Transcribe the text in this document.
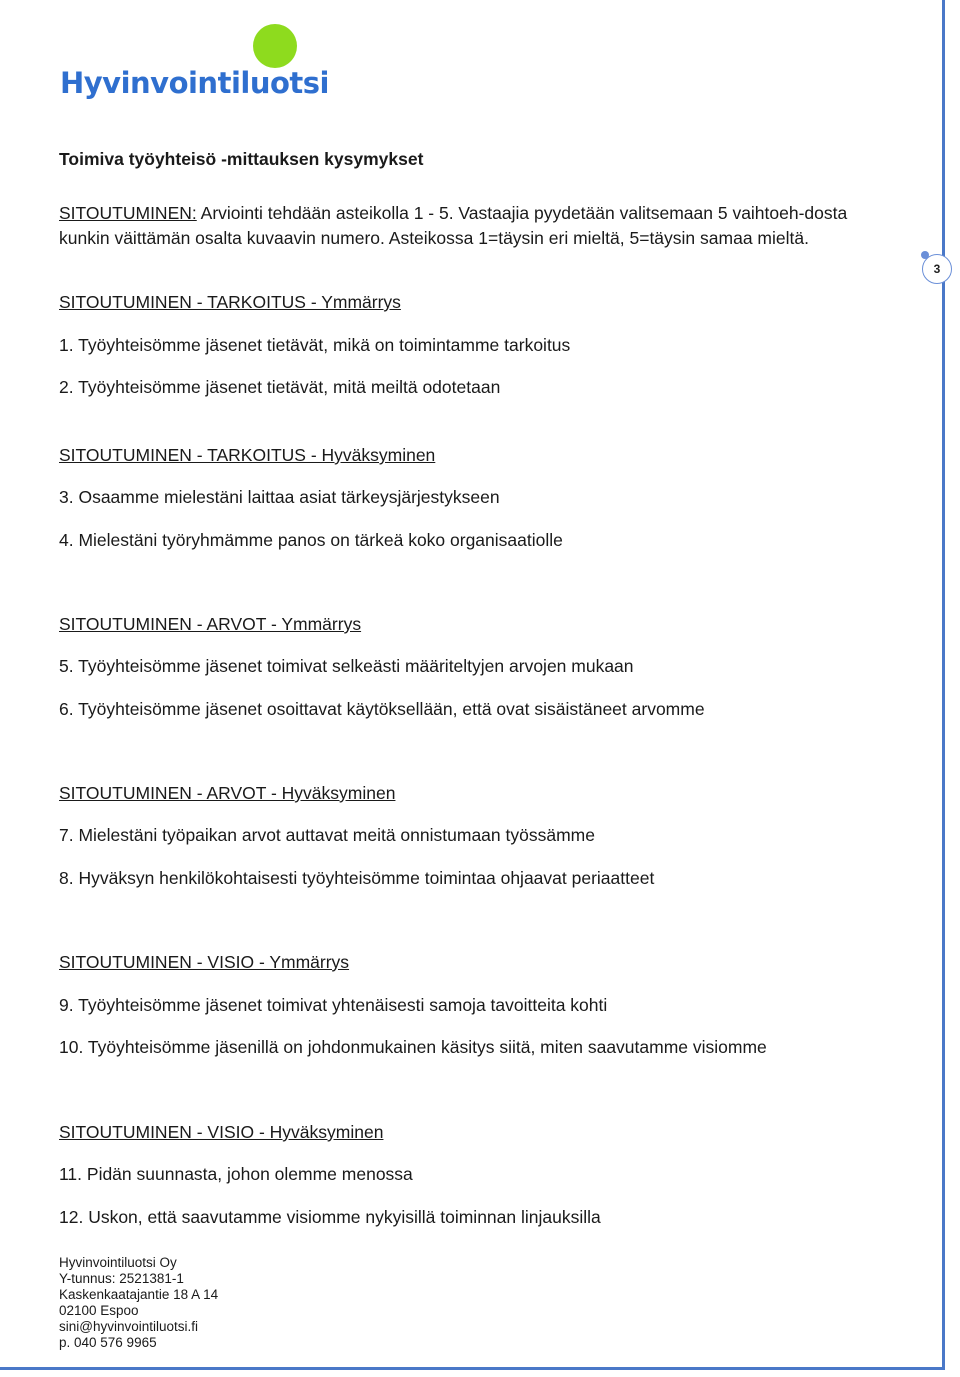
Hyvinvointiluotsi
3
Toimiva työyhteisö -mittauksen kysymykset
SITOUTUMINEN: Arviointi tehdään asteikolla 1 - 5. Vastaajia pyydetään valitsemaan 5 vaihtoeh-dosta kunkin väittämän osalta kuvaavin numero. Asteikossa 1=täysin eri mieltä, 5=täysin samaa mieltä.
SITOUTUMINEN - TARKOITUS - Ymmärrys
1. Työyhteisömme jäsenet tietävät, mikä on toimintamme tarkoitus
2. Työyhteisömme jäsenet tietävät, mitä meiltä odotetaan
SITOUTUMINEN - TARKOITUS - Hyväksyminen
3. Osaamme mielestäni laittaa asiat tärkeysjärjestykseen
4. Mielestäni työryhmämme panos on tärkeä koko organisaatiolle
SITOUTUMINEN - ARVOT - Ymmärrys
5. Työyhteisömme jäsenet toimivat selkeästi määriteltyjen arvojen mukaan
6. Työyhteisömme jäsenet osoittavat käytöksellään, että ovat sisäistäneet arvomme
SITOUTUMINEN - ARVOT - Hyväksyminen
7. Mielestäni työpaikan arvot auttavat meitä onnistumaan työssämme
8. Hyväksyn henkilökohtaisesti työyhteisömme toimintaa ohjaavat periaatteet
SITOUTUMINEN - VISIO - Ymmärrys
9. Työyhteisömme jäsenet toimivat yhtenäisesti samoja tavoitteita kohti
10. Työyhteisömme jäsenillä on johdonmukainen käsitys siitä, miten saavutamme visiomme
SITOUTUMINEN - VISIO - Hyväksyminen
11. Pidän suunnasta, johon olemme menossa
12. Uskon, että saavutamme visiomme nykyisillä toiminnan linjauksilla
Hyvinvointiluotsi Oy
Y-tunnus: 2521381-1
Kaskenkaatajantie 18 A 14
02100 Espoo
sini@hyvinvointiluotsi.fi
p. 040 576 9965
